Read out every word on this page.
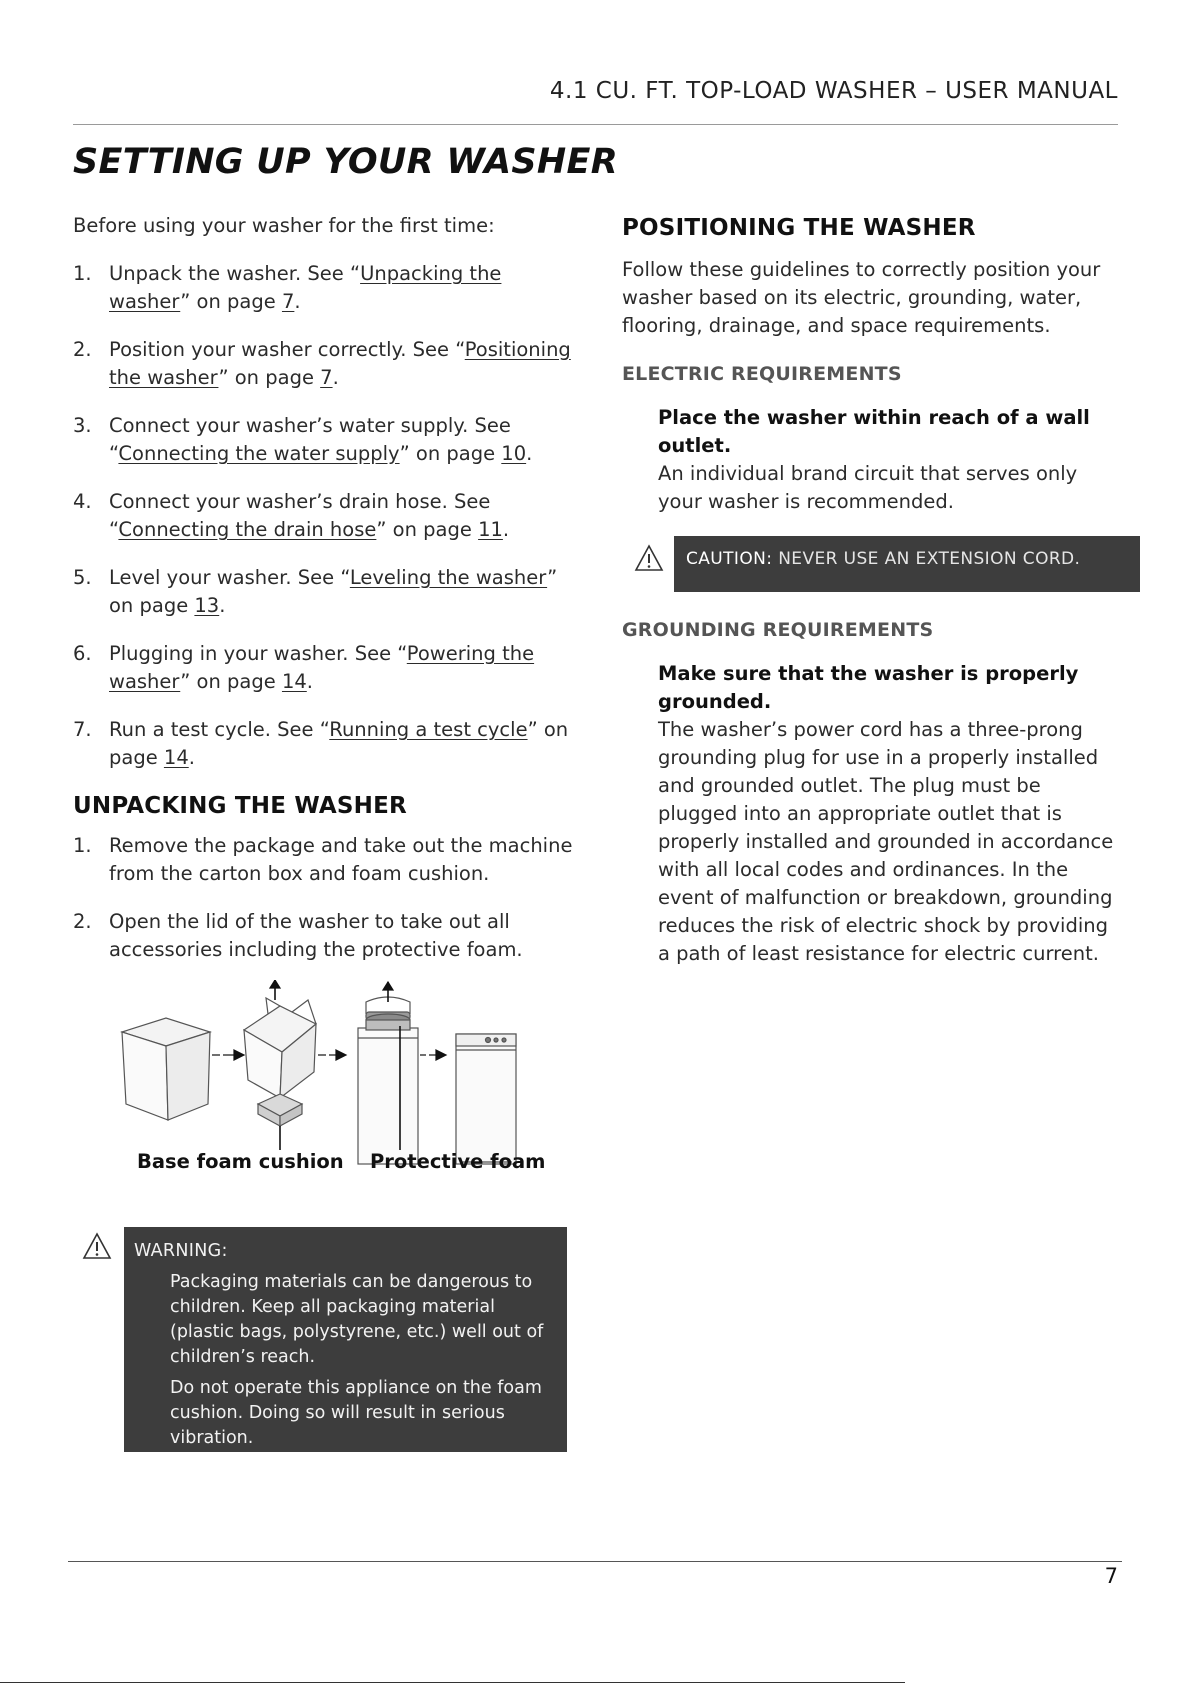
4.1 CU. FT. TOP-LOAD WASHER – USER MANUAL
SETTING UP YOUR WASHER

Before using your washer for the first time:

1. Unpack the washer. See “Unpacking the washer” on page 7.
2. Position your washer correctly. See “Positioning the washer” on page 7.
3. Connect your washer’s water supply. See “Connecting the water supply” on page 10.
4. Connect your washer’s drain hose. See “Connecting the drain hose” on page 11.
5. Level your washer. See “Leveling the washer” on page 13.
6. Plugging in your washer. See “Powering the washer” on page 14.
7. Run a test cycle. See “Running a test cycle” on page 14.
UNPACKING THE WASHER
1. Remove the package and take out the machine from the carton box and foam cushion.
2. Open the lid of the washer to take out all accessories including the protective foam.
Base foam cushion Protective foam
WARNING:

Packaging materials can be dangerous to children. Keep all packaging material (plastic bags, polystyrene, etc.) well out of children’s reach.

Do not operate this appliance on the foam cushion. Doing so will result in serious vibration.

POSITIONING THE WASHER

Follow these guidelines to correctly position your washer based on its electric, grounding, water, flooring, drainage, and space requirements.

ELECTRIC REQUIREMENTS

Place the washer within reach of a wall outlet.

An individual brand circuit that serves only your washer is recommended.

CAUTION: NEVER USE AN EXTENSION CORD.
GROUNDING REQUIREMENTS

Make sure that the washer is properly grounded.

The washer’s power cord has a three-prong grounding plug for use in a properly installed and grounded outlet. The plug must be plugged into an appropriate outlet that is properly installed and grounded in accordance with all local codes and ordinances. In the event of malfunction or breakdown, grounding reduces the risk of electric shock by providing a path of least resistance for electric current.

7
